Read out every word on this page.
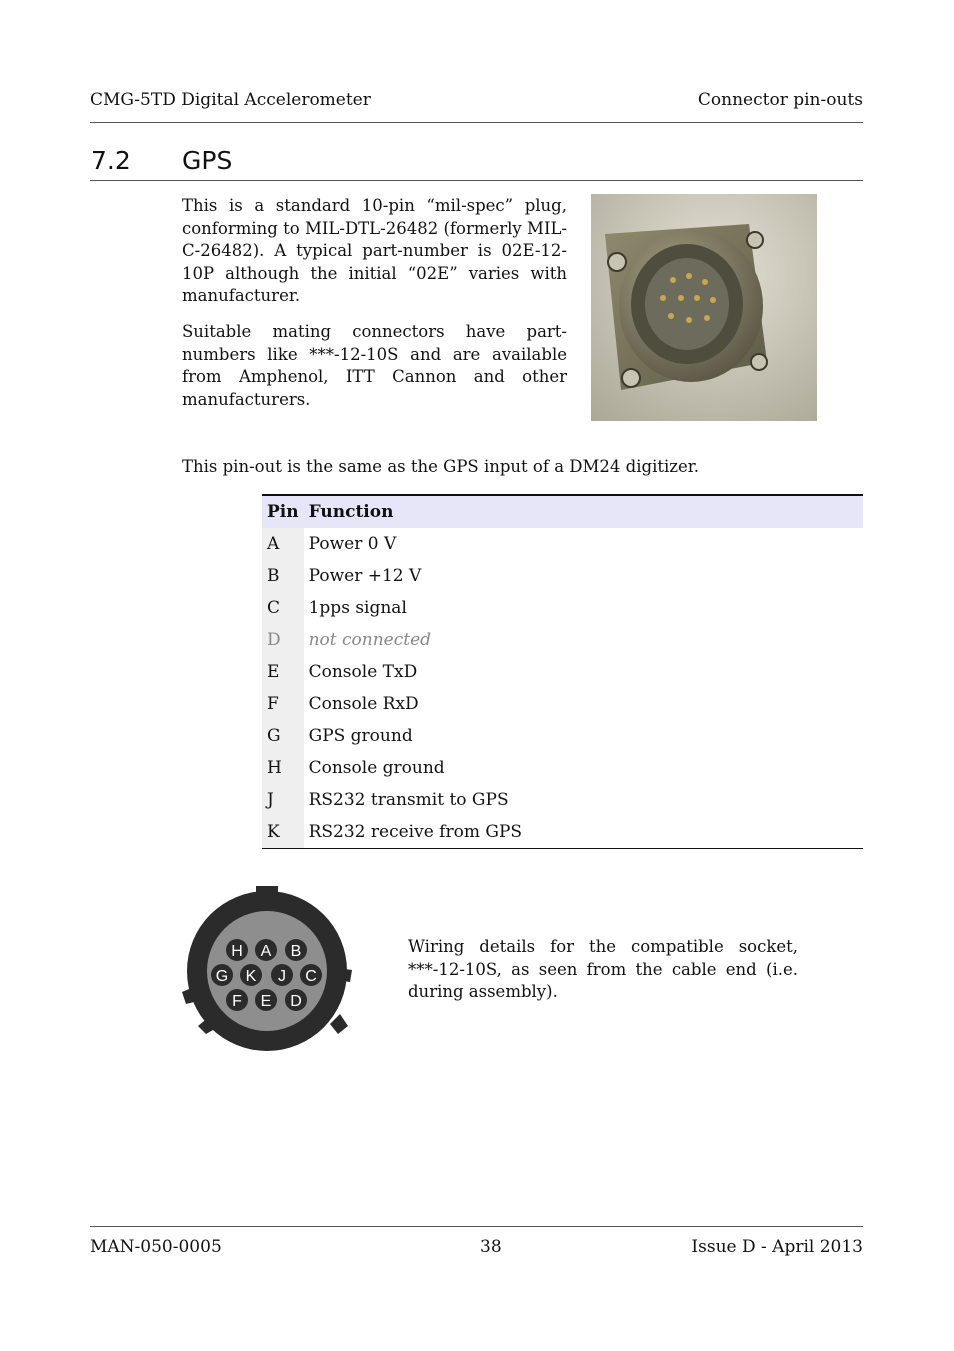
CMG-5TD Digital Accelerometer	Connector pin-outs
7.2 GPS
This is a standard 10-pin “mil-spec” plug, conforming to MIL-DTL-26482 (formerly MIL-C-26482). A typical part-number is 02E-12-10P although the initial “02E” varies with manufacturer.
Suitable mating connectors have part-numbers like ***-12-10S and are available from Amphenol, ITT Cannon and other manufacturers.
This pin-out is the same as the GPS input of a DM24 digitizer.
Pin	Function
A	Power 0 V
B	Power +12 V
C	1pps signal
D	not connected
E	Console TxD
F	Console RxD
G	GPS ground
H	Console ground
J	RS232 transmit to GPS
K	RS232 receive from GPS
H A B
G K J C
F E D
Wiring details for the compatible socket, ***-12-10S, as seen from the cable end (i.e. during assembly).
MAN-050-0005	38	Issue D - April 2013
